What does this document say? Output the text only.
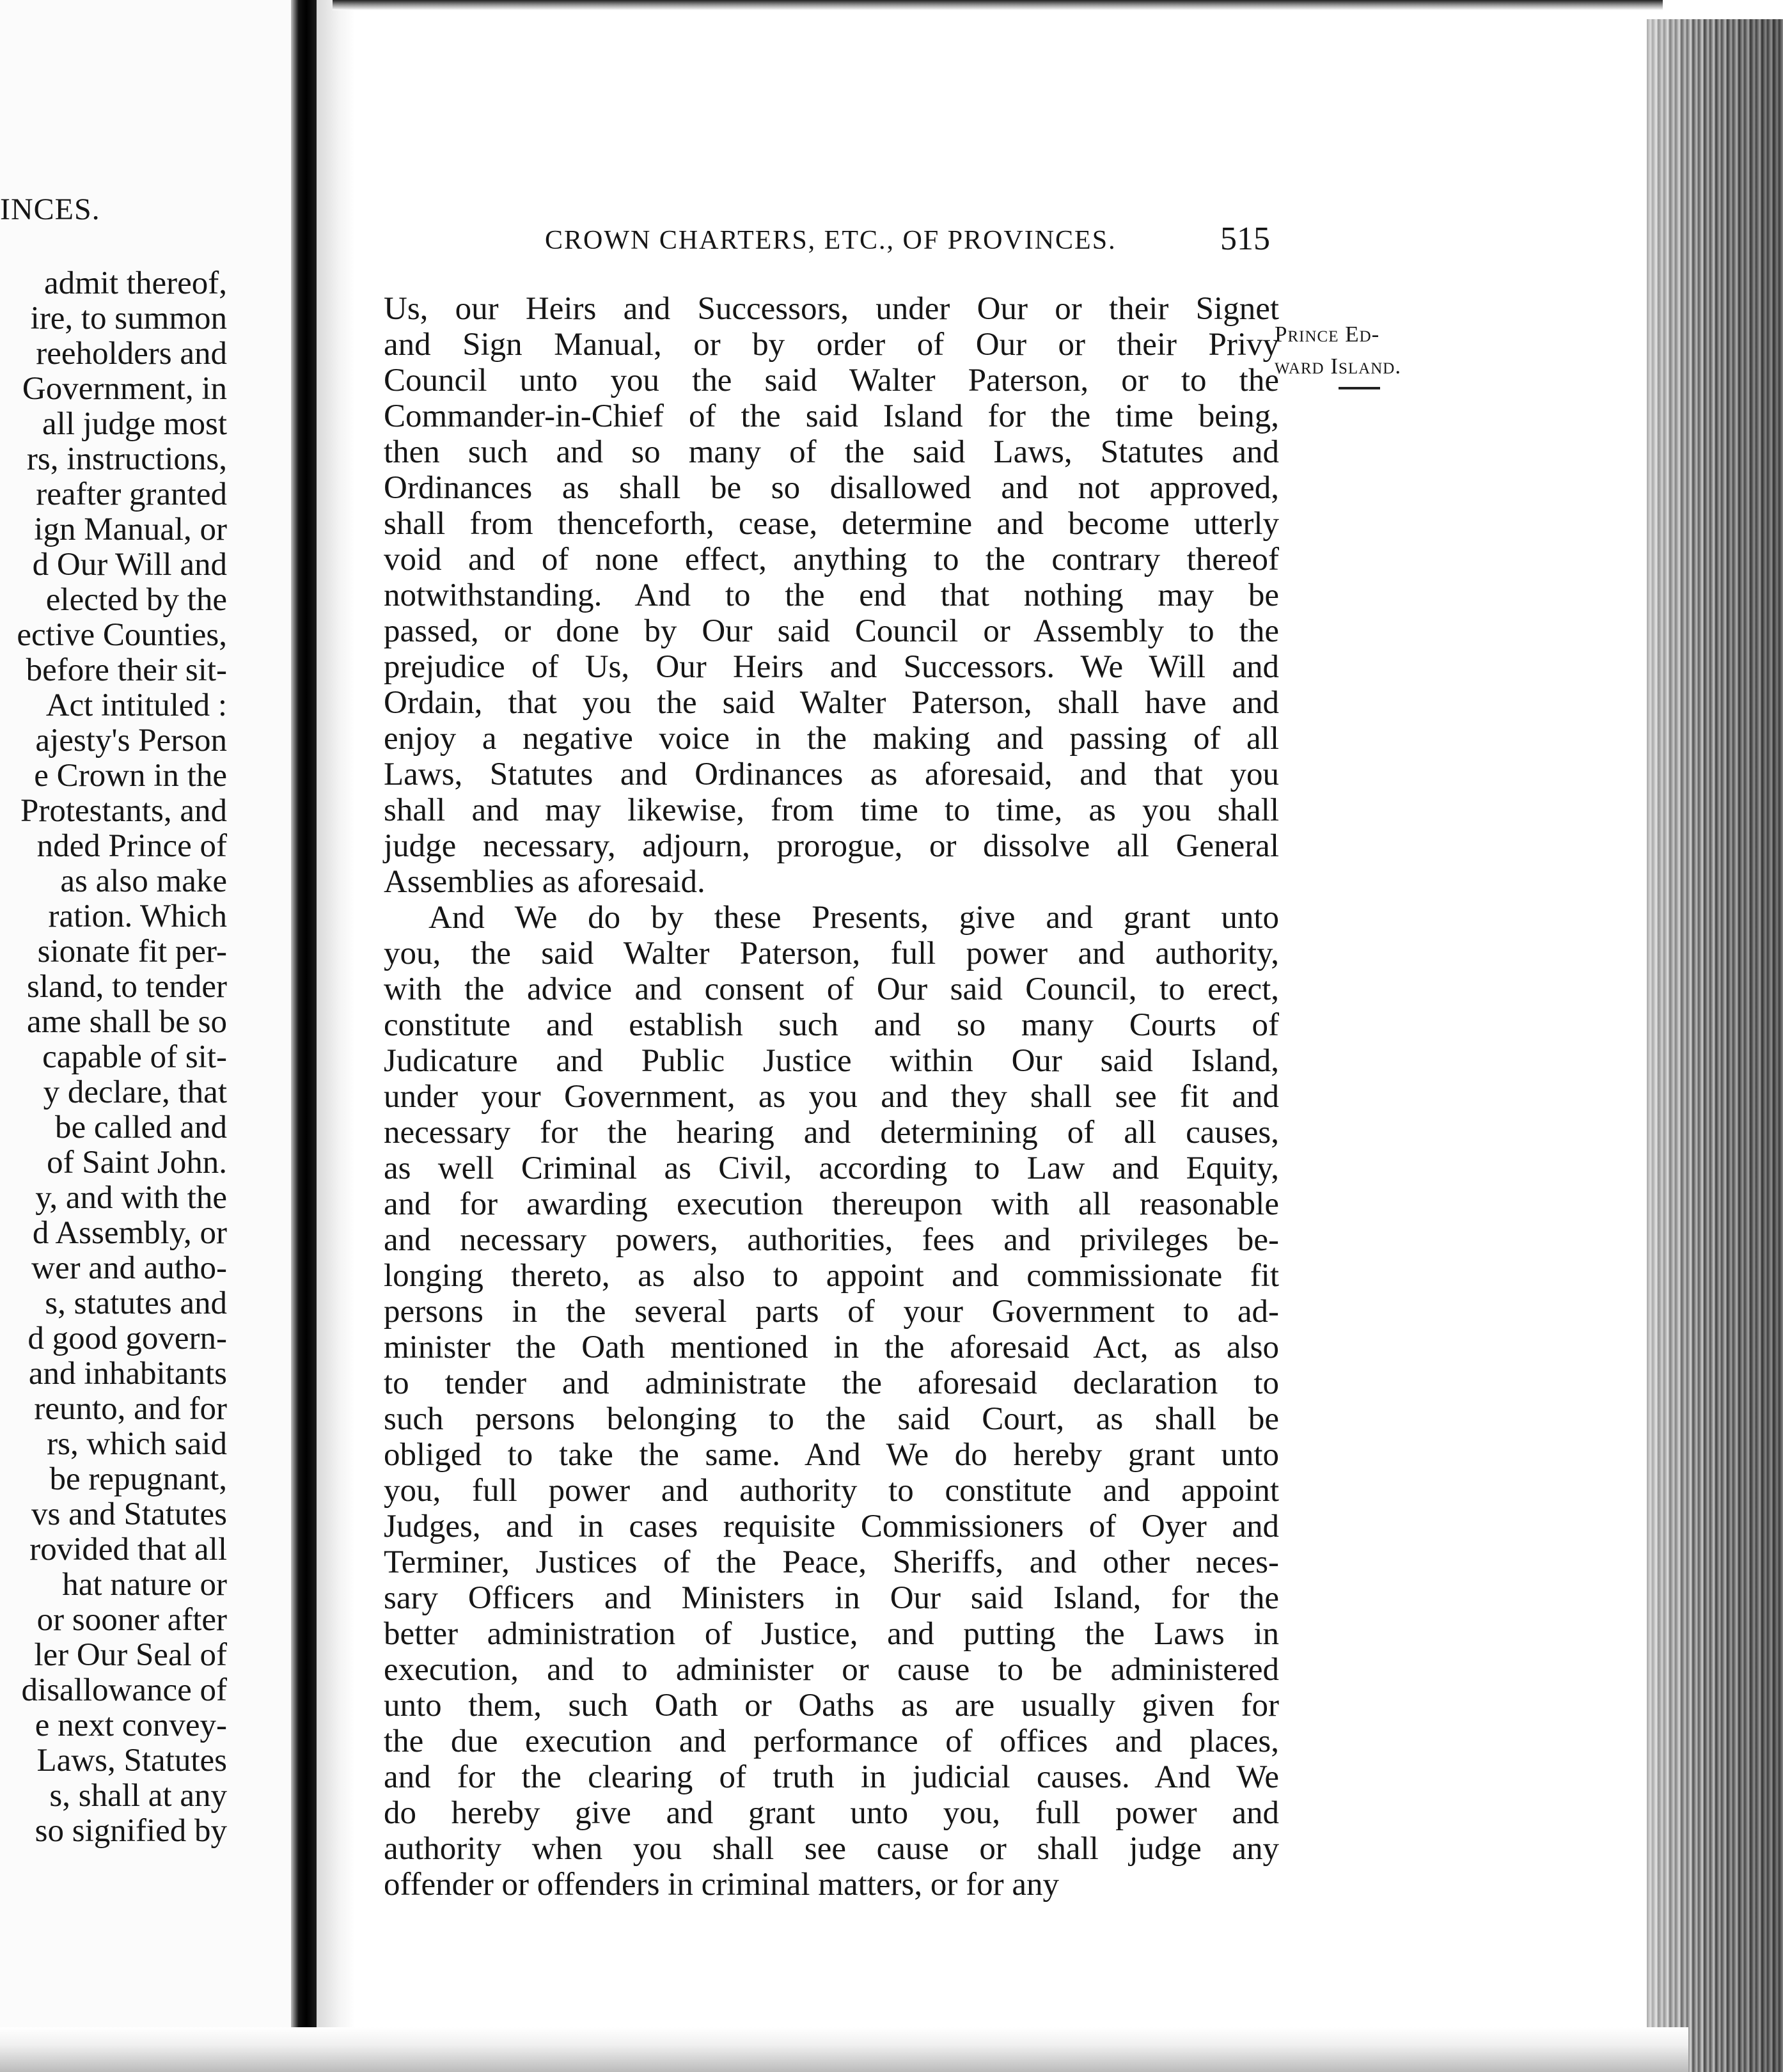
INCES.
admit thereof,
ire, to summon
reeholders and
Government, in
all judge most
rs, instructions,
reafter granted
ign Manual, or
d Our Will and
elected by the
ective Counties,
before their sit-
Act intituled :
ajesty's Person
e Crown in the
Protestants, and
nded Prince of
as also make
ration. Which
sionate fit per-
sland, to tender
ame shall be so
capable of sit-
y declare, that
be called and
of Saint John.
y, and with the
d Assembly, or
wer and autho-
s, statutes and
d good govern-
and inhabitants
reunto, and for
rs, which said
be repugnant,
vs and Statutes
rovided that all
hat nature or
or sooner after
ler Our Seal of
disallowance of
e next convey-
Laws, Statutes
s, shall at any
so signified by
CROWN CHARTERS, ETC., OF PROVINCES.	515
Prince Ed-
ward Island.
Us, our Heirs and Successors, under Our or their Signet
and Sign Manual, or by order of Our or their Privy
Council unto you the said Walter Paterson, or to the
Commander-in-Chief of the said Island for the time being,
then such and so many of the said Laws, Statutes and
Ordinances as shall be so disallowed and not approved,
shall from thenceforth, cease, determine and become utterly
void and of none effect, anything to the contrary thereof
notwithstanding. And to the end that nothing may be
passed, or done by Our said Council or Assembly to the
prejudice of Us, Our Heirs and Successors. We Will and
Ordain, that you the said Walter Paterson, shall have and
enjoy a negative voice in the making and passing of all
Laws, Statutes and Ordinances as aforesaid, and that you
shall and may likewise, from time to time, as you shall
judge necessary, adjourn, prorogue, or dissolve all General
Assemblies as aforesaid.
And We do by these Presents, give and grant unto
you, the said Walter Paterson, full power and authority,
with the advice and consent of Our said Council, to erect,
constitute and establish such and so many Courts of
Judicature and Public Justice within Our said Island,
under your Government, as you and they shall see fit and
necessary for the hearing and determining of all causes,
as well Criminal as Civil, according to Law and Equity,
and for awarding execution thereupon with all reasonable
and necessary powers, authorities, fees and privileges be-
longing thereto, as also to appoint and commissionate fit
persons in the several parts of your Government to ad-
minister the Oath mentioned in the aforesaid Act, as also
to tender and administrate the aforesaid declaration to
such persons belonging to the said Court, as shall be
obliged to take the same. And We do hereby grant unto
you, full power and authority to constitute and appoint
Judges, and in cases requisite Commissioners of Oyer and
Terminer, Justices of the Peace, Sheriffs, and other neces-
sary Officers and Ministers in Our said Island, for the
better administration of Justice, and putting the Laws in
execution, and to administer or cause to be administered
unto them, such Oath or Oaths as are usually given for
the due execution and performance of offices and places,
and for the clearing of truth in judicial causes. And We
do hereby give and grant unto you, full power and
authority when you shall see cause or shall judge any
offender or offenders in criminal matters, or for any
